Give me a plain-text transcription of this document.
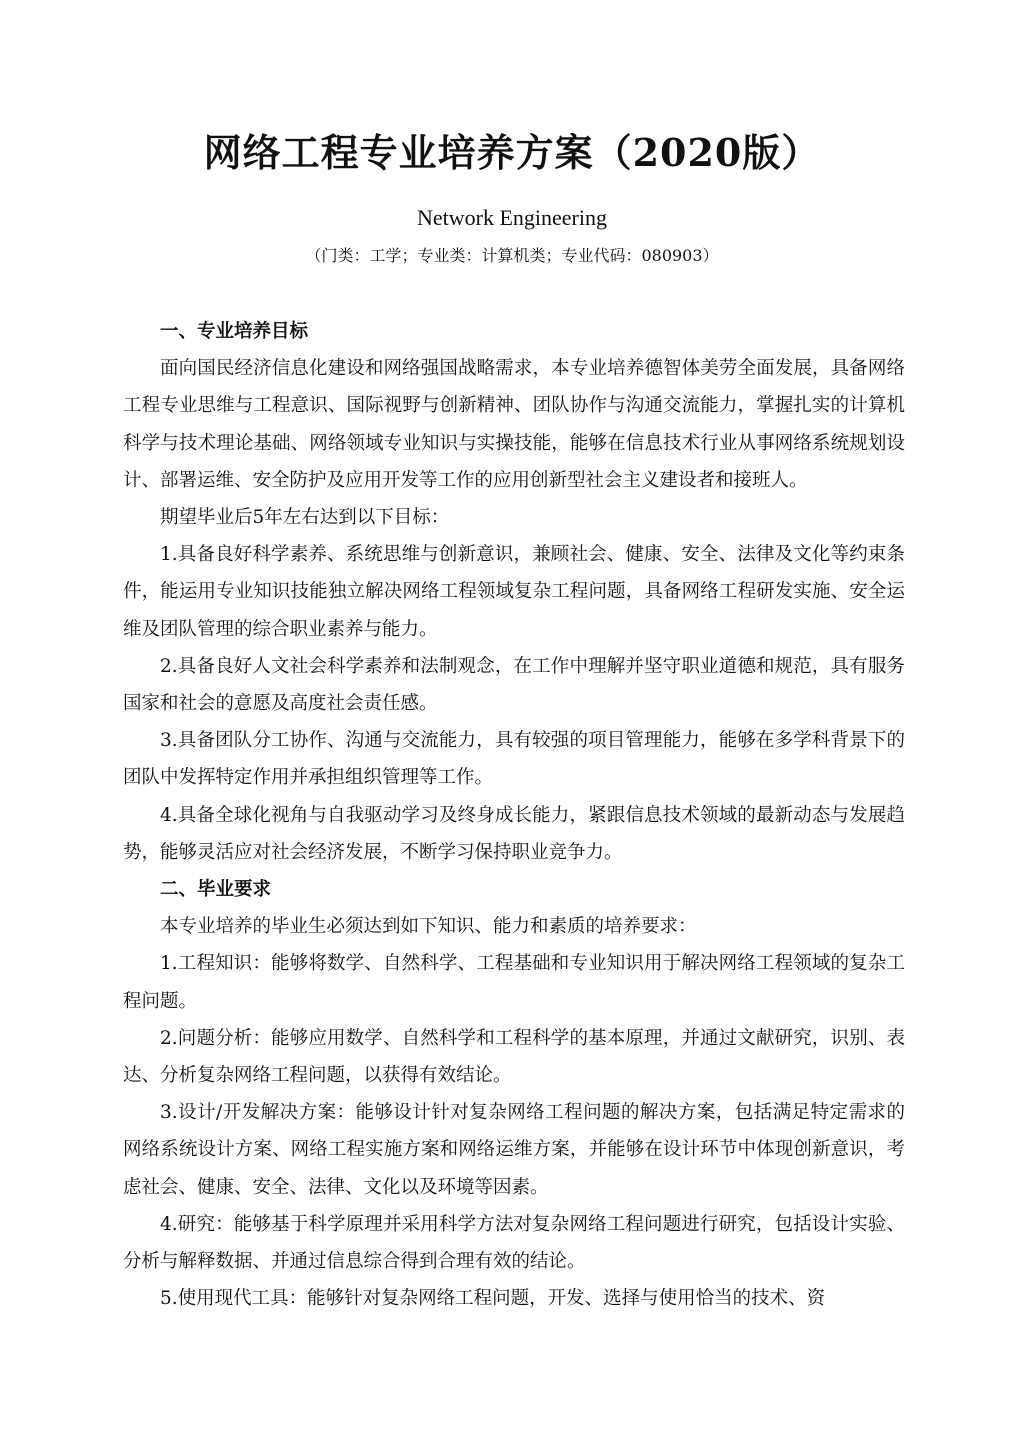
网络工程专业培养方案（2020版）
Network Engineering
（门类：工学；专业类：计算机类；专业代码：080903）
一、专业培养目标

面向国民经济信息化建设和网络强国战略需求，本专业培养德智体美劳全面发展，具备网络工程专业思维与工程意识、国际视野与创新精神、团队协作与沟通交流能力，掌握扎实的计算机科学与技术理论基础、网络领域专业知识与实操技能，能够在信息技术行业从事网络系统规划设计、部署运维、安全防护及应用开发等工作的应用创新型社会主义建设者和接班人。

期望毕业后5年左右达到以下目标：

1.具备良好科学素养、系统思维与创新意识，兼顾社会、健康、安全、法律及文化等约束条件，能运用专业知识技能独立解决网络工程领域复杂工程问题，具备网络工程研发实施、安全运维及团队管理的综合职业素养与能力。

2.具备良好人文社会科学素养和法制观念，在工作中理解并坚守职业道德和规范，具有服务国家和社会的意愿及高度社会责任感。

3.具备团队分工协作、沟通与交流能力，具有较强的项目管理能力，能够在多学科背景下的团队中发挥特定作用并承担组织管理等工作。

4.具备全球化视角与自我驱动学习及终身成长能力，紧跟信息技术领域的最新动态与发展趋势，能够灵活应对社会经济发展，不断学习保持职业竞争力。

二、毕业要求

本专业培养的毕业生必须达到如下知识、能力和素质的培养要求：

1.工程知识：能够将数学、自然科学、工程基础和专业知识用于解决网络工程领域的复杂工程问题。

2.问题分析：能够应用数学、自然科学和工程科学的基本原理，并通过文献研究，识别、表达、分析复杂网络工程问题，以获得有效结论。

3.设计/开发解决方案：能够设计针对复杂网络工程问题的解决方案，包括满足特定需求的网络系统设计方案、网络工程实施方案和网络运维方案，并能够在设计环节中体现创新意识，考虑社会、健康、安全、法律、文化以及环境等因素。

4.研究：能够基于科学原理并采用科学方法对复杂网络工程问题进行研究，包括设计实验、分析与解释数据、并通过信息综合得到合理有效的结论。

5.使用现代工具：能够针对复杂网络工程问题，开发、选择与使用恰当的技术、资
